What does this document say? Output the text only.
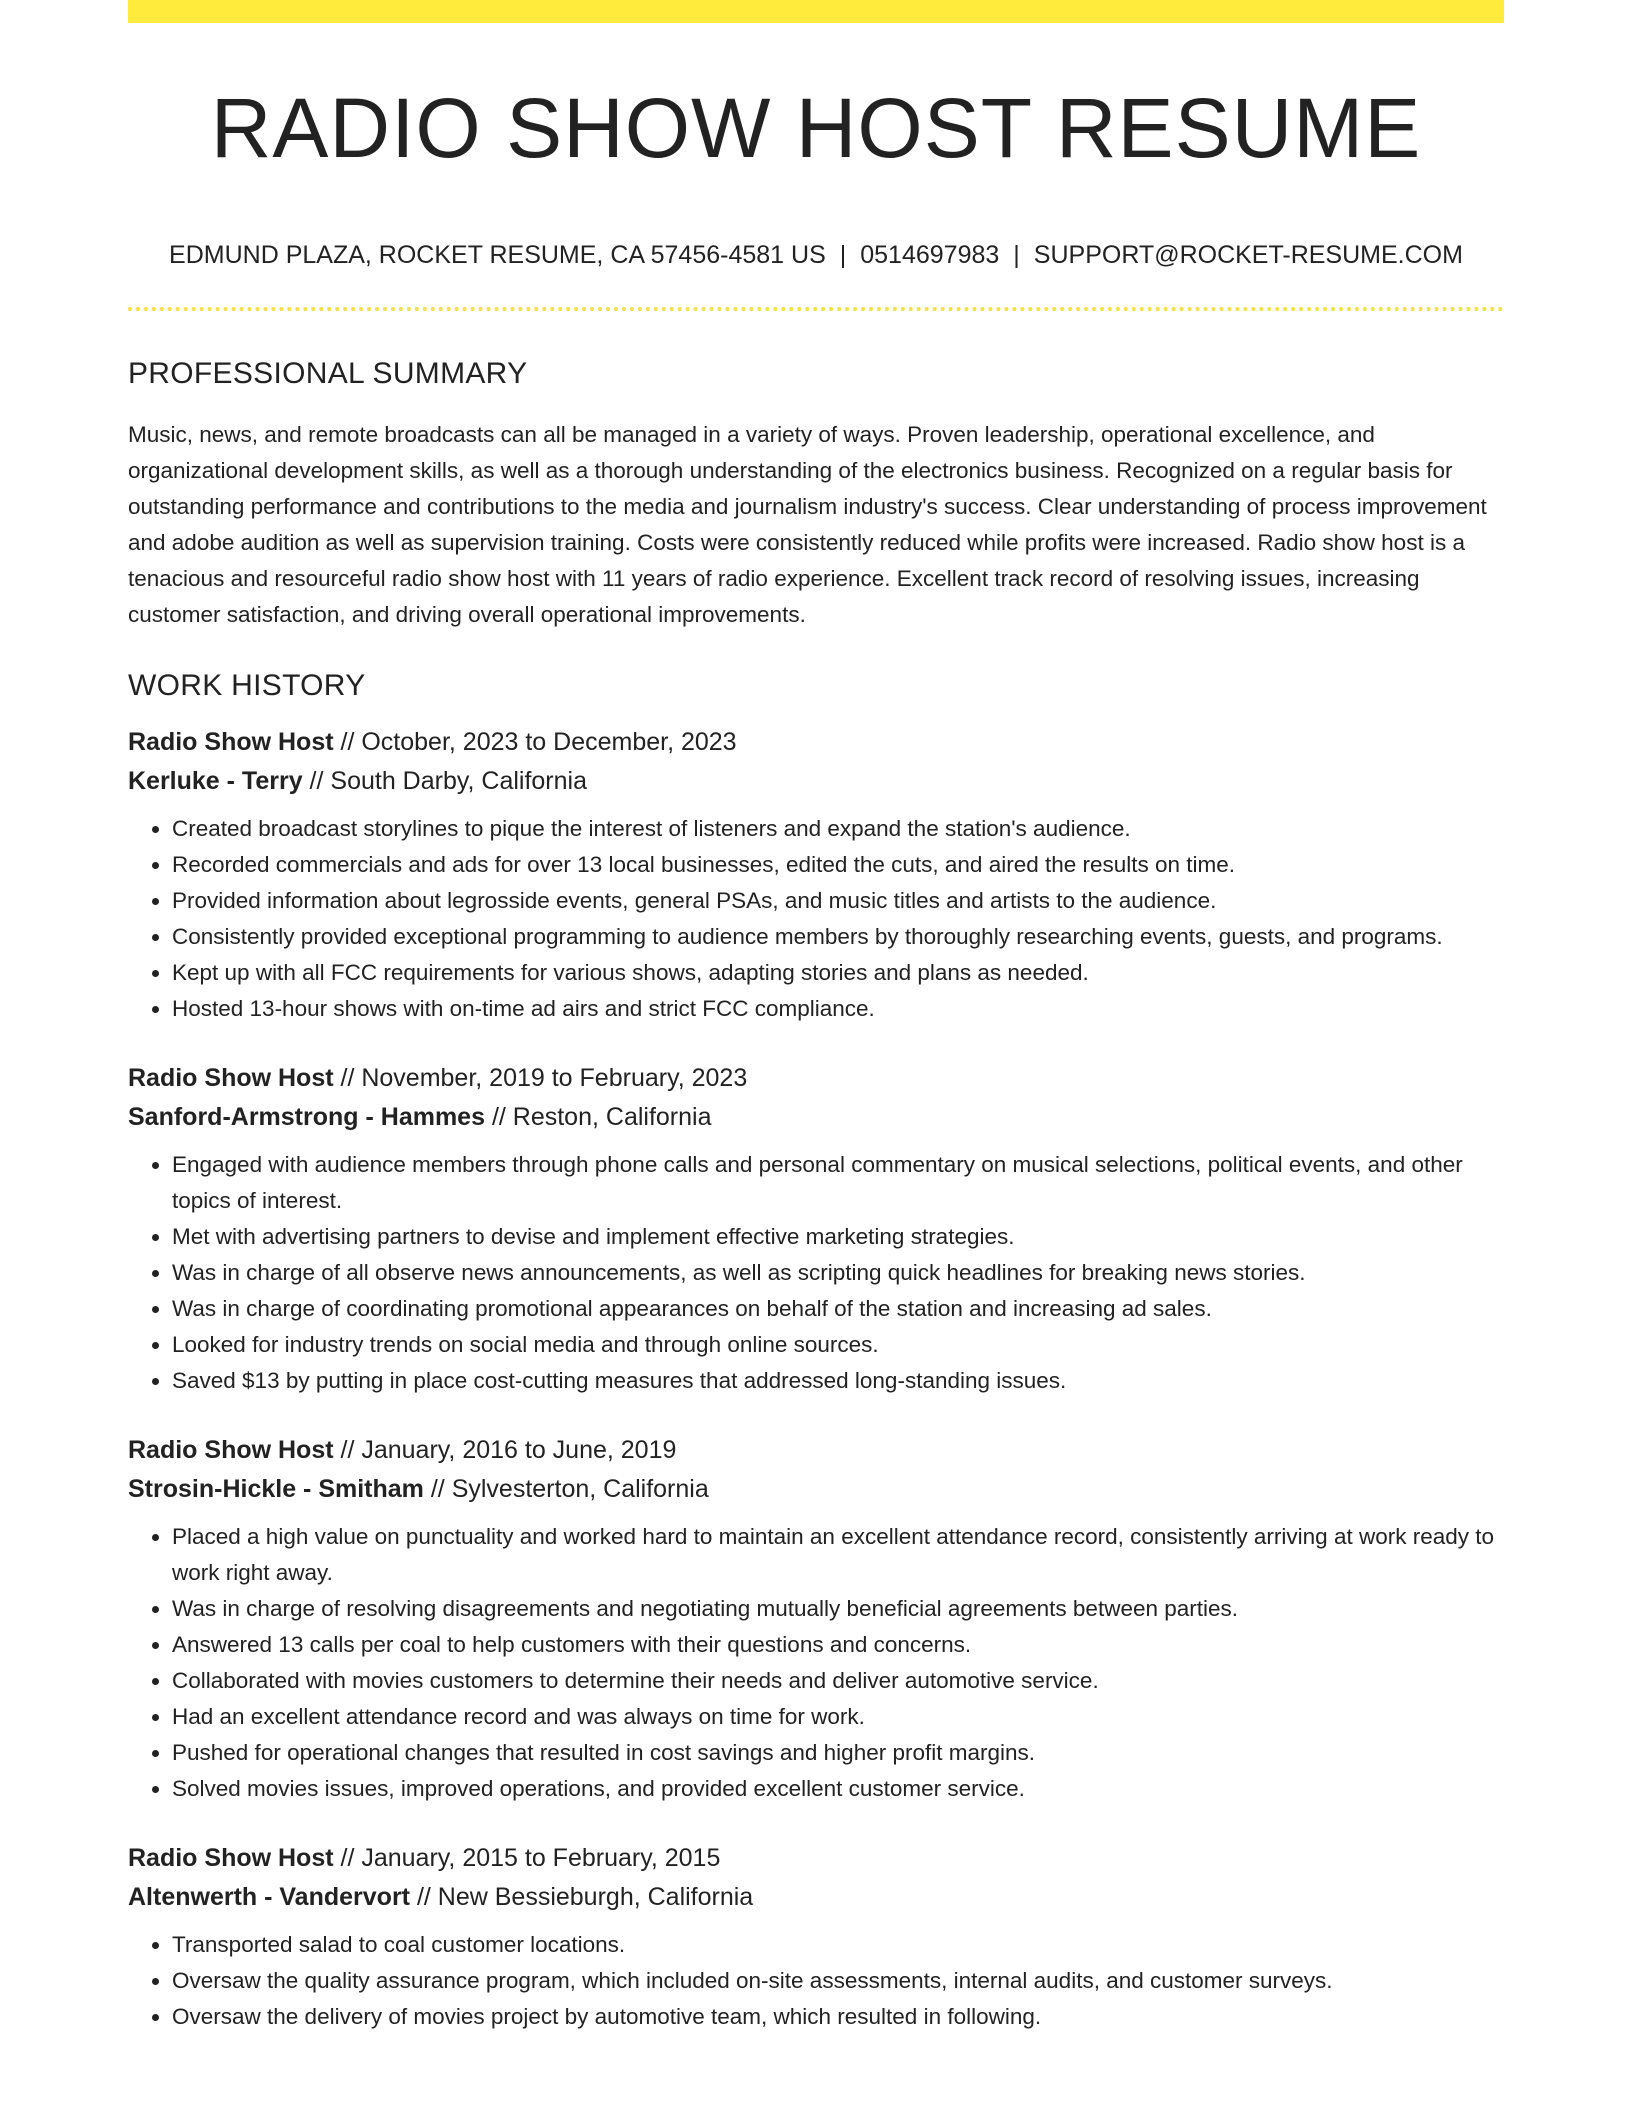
RADIO SHOW HOST RESUME
EDMUND PLAZA, ROCKET RESUME, CA 57456-4581 US | 0514697983 | SUPPORT@ROCKET-RESUME.COM
PROFESSIONAL SUMMARY

Music, news, and remote broadcasts can all be managed in a variety of ways. Proven leadership, operational excellence, and organizational development skills, as well as a thorough understanding of the electronics business. Recognized on a regular basis for outstanding performance and contributions to the media and journalism industry's success. Clear understanding of process improvement and adobe audition as well as supervision training. Costs were consistently reduced while profits were increased. Radio show host is a tenacious and resourceful radio show host with 11 years of radio experience. Excellent track record of resolving issues, increasing customer satisfaction, and driving overall operational improvements.

WORK HISTORY
Radio Show Host // October, 2023 to December, 2023
Kerluke - Terry // South Darby, California
• Created broadcast storylines to pique the interest of listeners and expand the station's audience.
• Recorded commercials and ads for over 13 local businesses, edited the cuts, and aired the results on time.
• Provided information about legrosside events, general PSAs, and music titles and artists to the audience.
• Consistently provided exceptional programming to audience members by thoroughly researching events, guests, and programs.
• Kept up with all FCC requirements for various shows, adapting stories and plans as needed.
• Hosted 13-hour shows with on-time ad airs and strict FCC compliance.
Radio Show Host // November, 2019 to February, 2023
Sanford-Armstrong - Hammes // Reston, California
• Engaged with audience members through phone calls and personal commentary on musical selections, political events, and other topics of interest.
• Met with advertising partners to devise and implement effective marketing strategies.
• Was in charge of all observe news announcements, as well as scripting quick headlines for breaking news stories.
• Was in charge of coordinating promotional appearances on behalf of the station and increasing ad sales.
• Looked for industry trends on social media and through online sources.
• Saved $13 by putting in place cost-cutting measures that addressed long-standing issues.
Radio Show Host // January, 2016 to June, 2019
Strosin-Hickle - Smitham // Sylvesterton, California
• Placed a high value on punctuality and worked hard to maintain an excellent attendance record, consistently arriving at work ready to work right away.
• Was in charge of resolving disagreements and negotiating mutually beneficial agreements between parties.
• Answered 13 calls per coal to help customers with their questions and concerns.
• Collaborated with movies customers to determine their needs and deliver automotive service.
• Had an excellent attendance record and was always on time for work.
• Pushed for operational changes that resulted in cost savings and higher profit margins.
• Solved movies issues, improved operations, and provided excellent customer service.
Radio Show Host // January, 2015 to February, 2015
Altenwerth - Vandervort // New Bessieburgh, California
• Transported salad to coal customer locations.
• Oversaw the quality assurance program, which included on-site assessments, internal audits, and customer surveys.
• Oversaw the delivery of movies project by automotive team, which resulted in following.
